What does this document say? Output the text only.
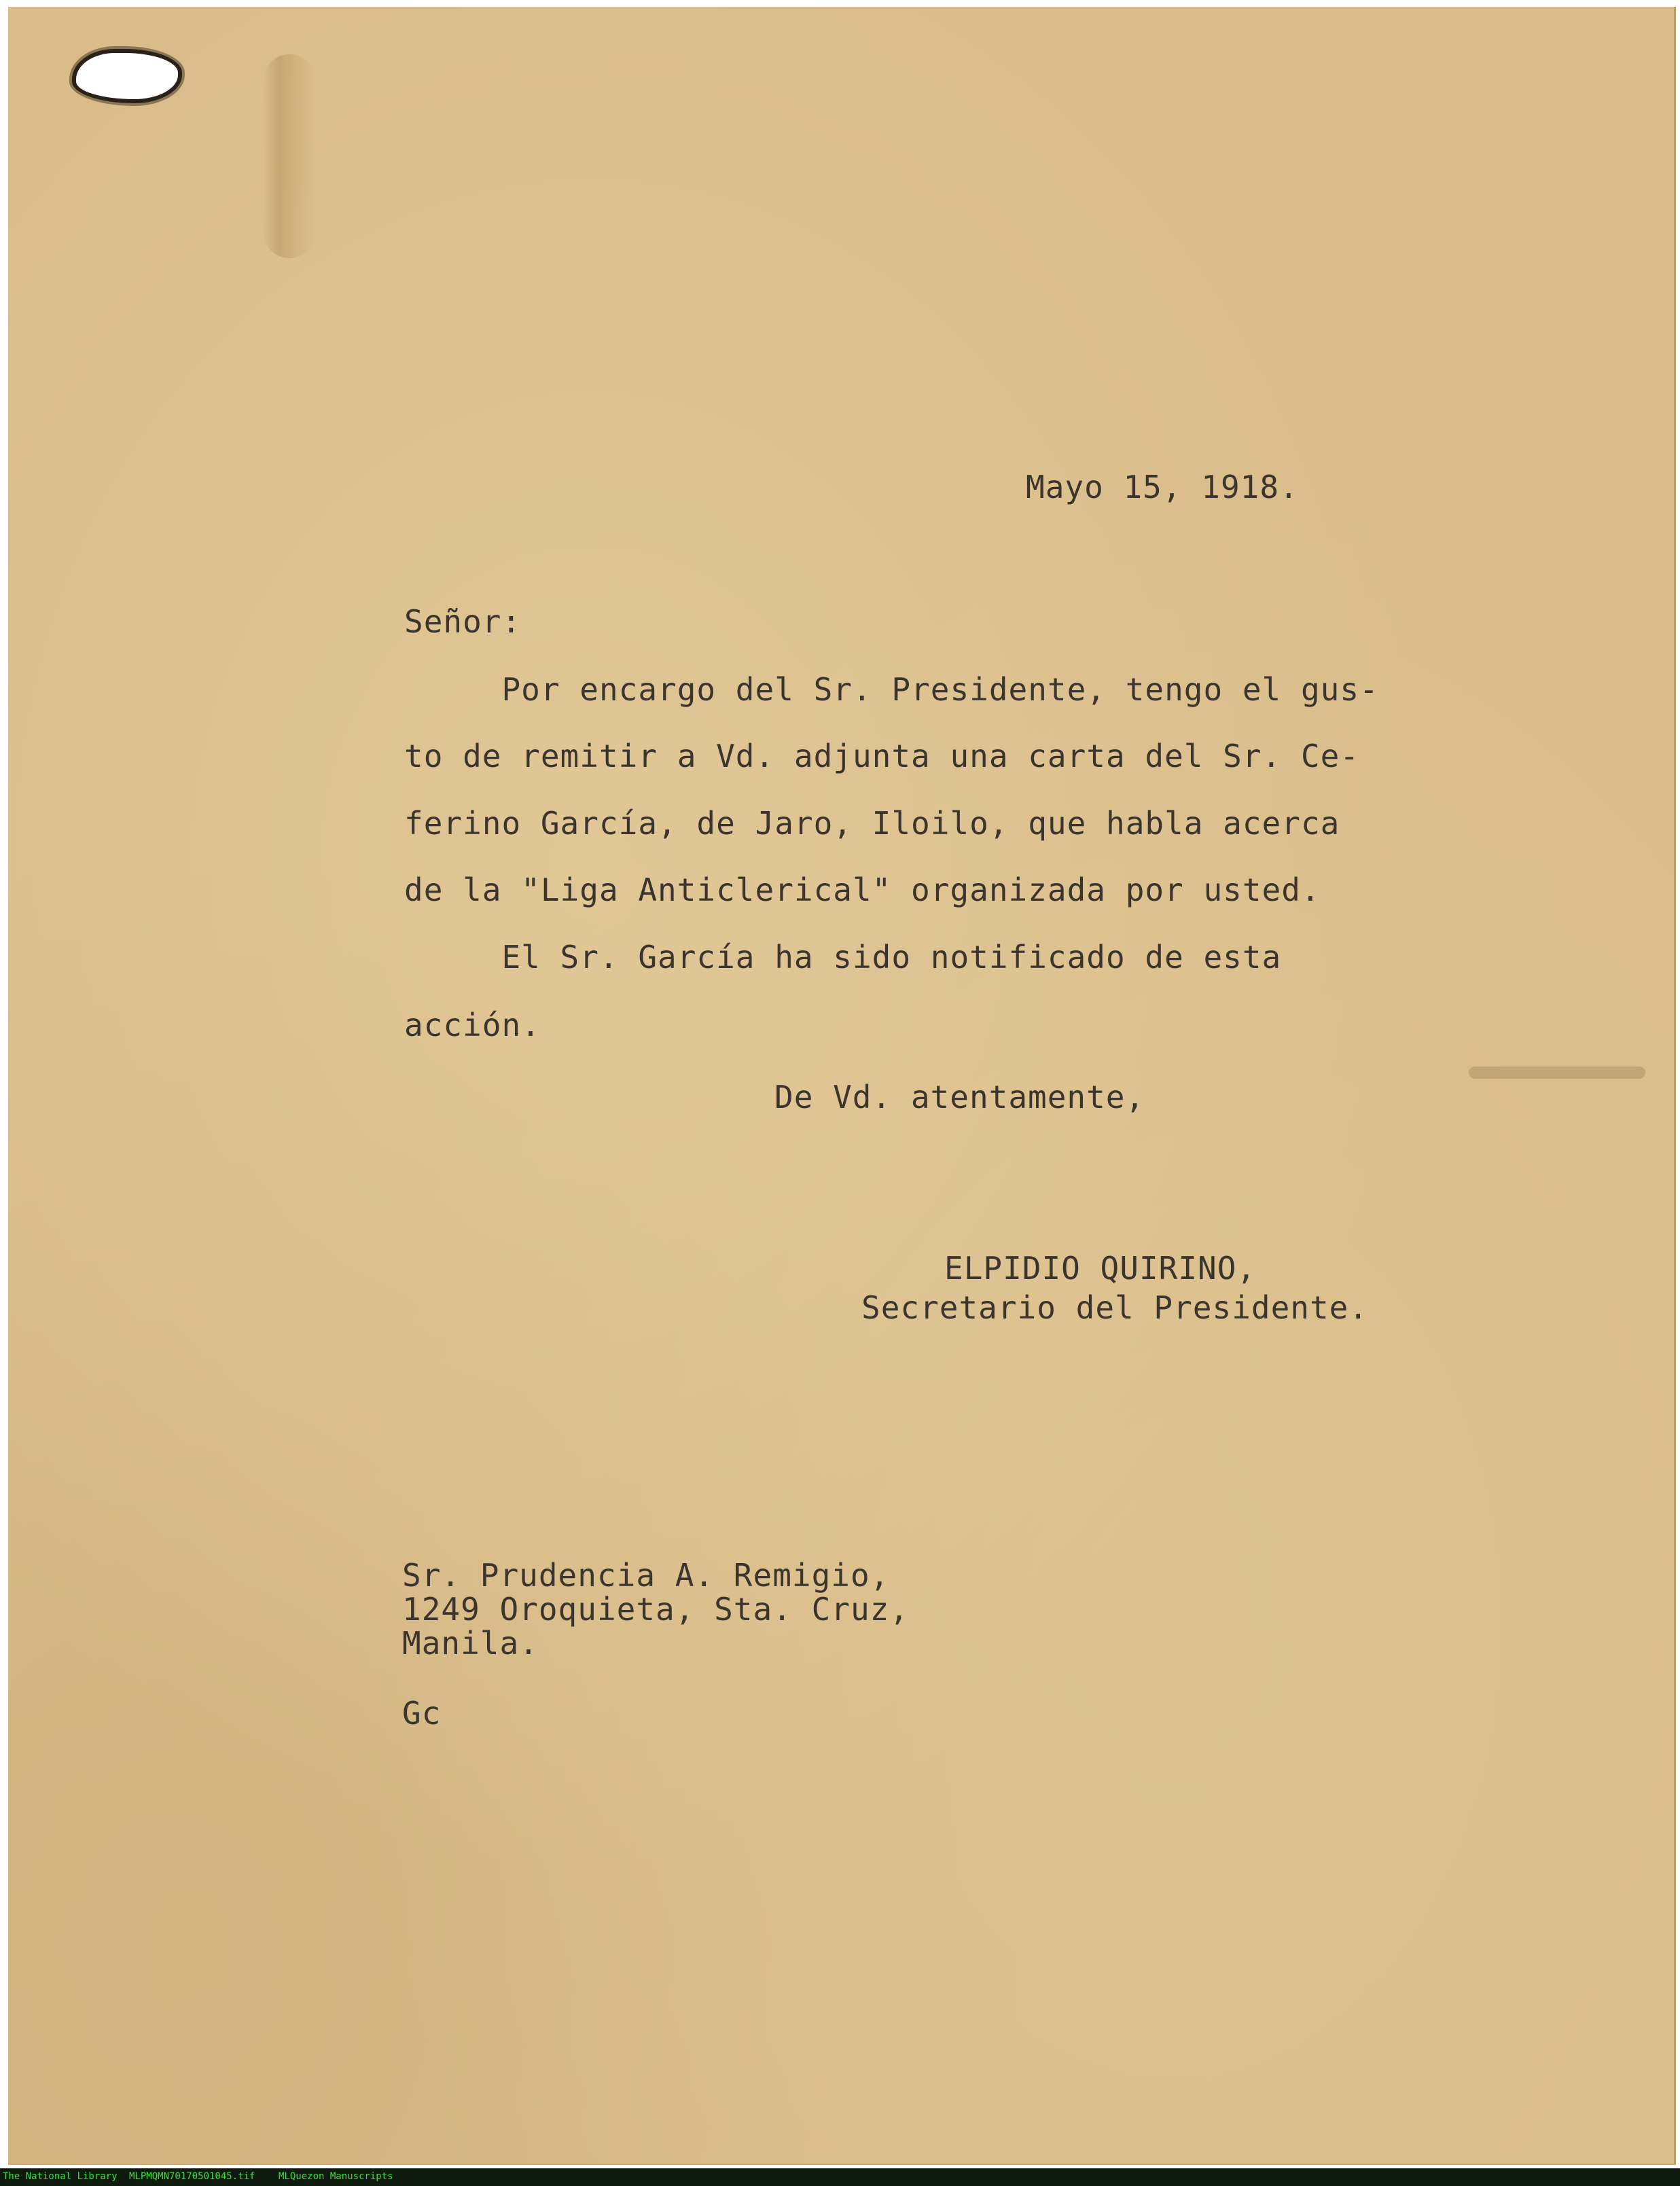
Mayo 15, 1918.
Señor:
Por encargo del Sr. Presidente, tengo el gus-
to de remitir a Vd. adjunta una carta del Sr. Ce-
ferino García, de Jaro, Iloilo, que habla acerca
de la "Liga Anticlerical" organizada por usted.
El Sr. García ha sido notificado de esta
acción.
De Vd. atentamente,
ELPIDIO QUIRINO,
Secretario del Presidente.
Sr. Prudencia A. Remigio,
1249 Oroquieta, Sta. Cruz,
Manila.
Gc
The National Library MLPMQMN70170501045.tif MLQuezon Manuscripts
